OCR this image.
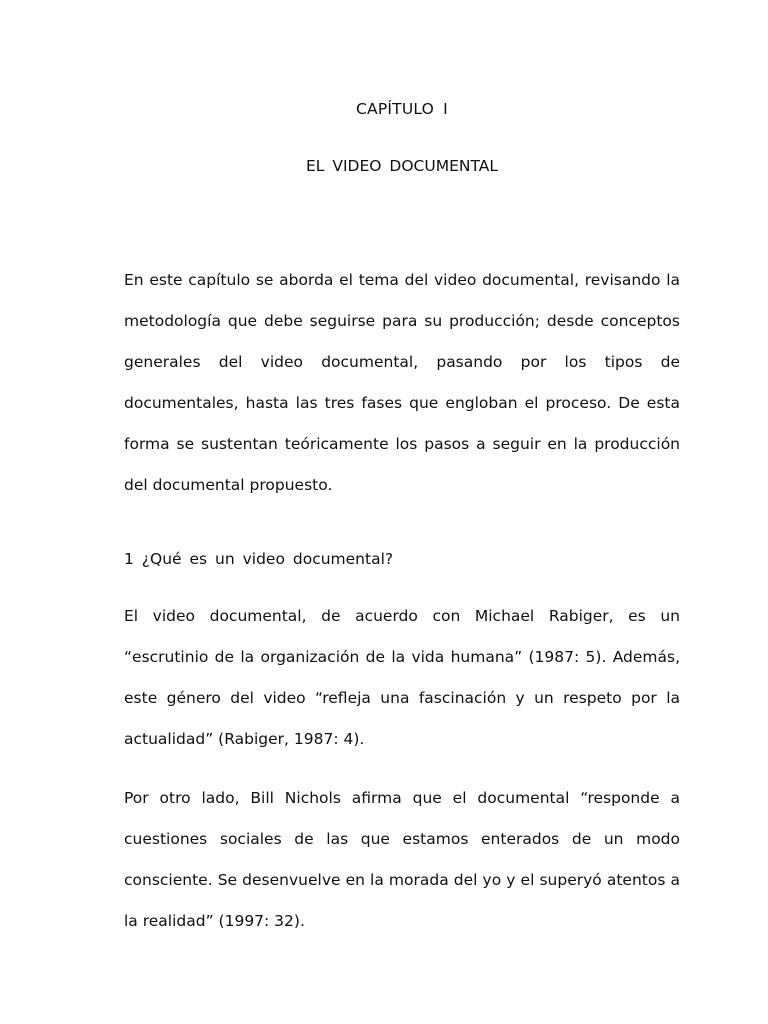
CAPÍTULO I
EL VIDEO DOCUMENTAL

En este capítulo se aborda el tema del video documental, revisando la metodología que debe seguirse para su producción; desde conceptos generales del video documental, pasando por los tipos de documentales, hasta las tres fases que engloban el proceso. De esta forma se sustentan teóricamente los pasos a seguir en la producción del documental propuesto.

1 ¿Qué es un video documental?

El video documental, de acuerdo con Michael Rabiger, es un “escrutinio de la organización de la vida humana” (1987: 5). Además, este género del video “refleja una fascinación y un respeto por la actualidad” (Rabiger, 1987: 4).

Por otro lado, Bill Nichols afirma que el documental “responde a cuestiones sociales de las que estamos enterados de un modo consciente. Se desenvuelve en la morada del yo y el superyó atentos a la realidad” (1997: 32).
